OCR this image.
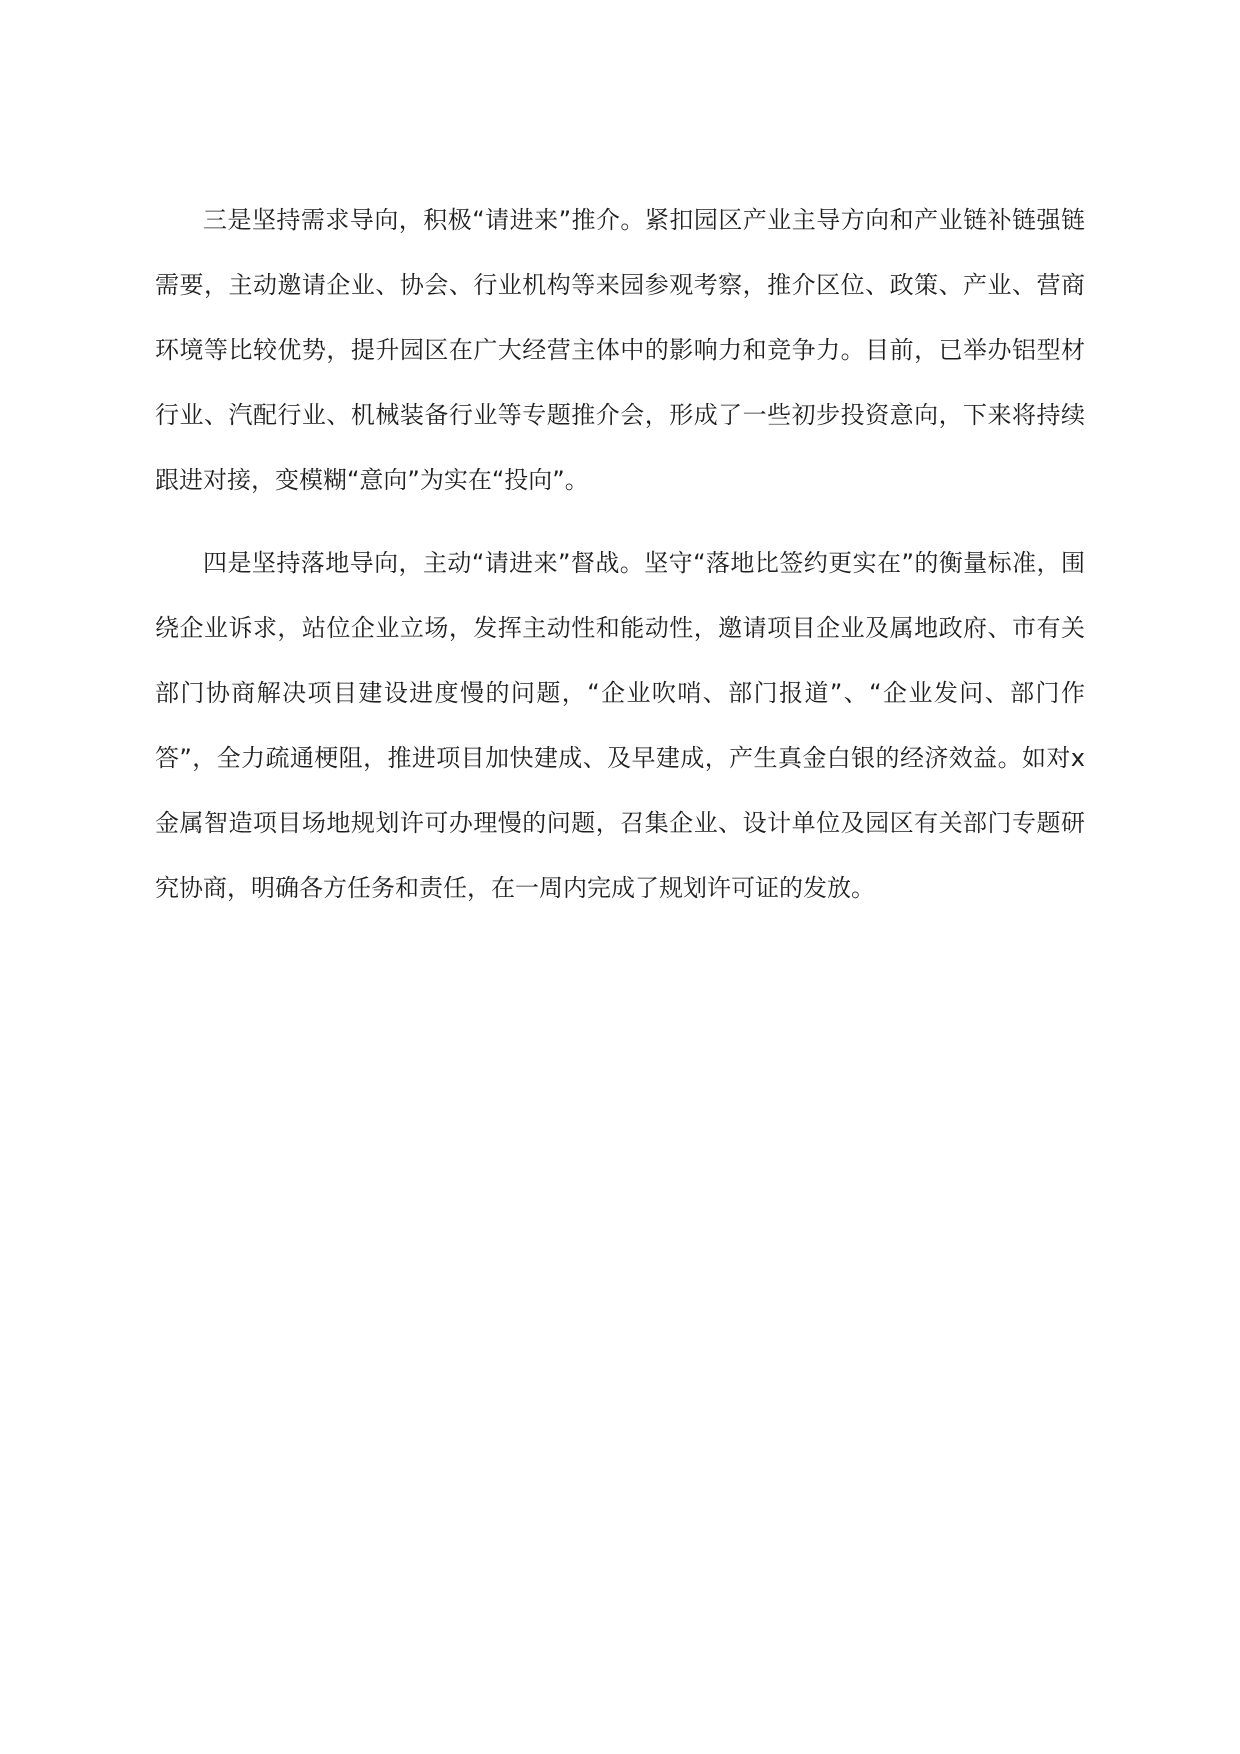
三是坚持需求导向，积极“请进来”推介。紧扣园区产业主导方向和产业链补链强链需要，主动邀请企业、协会、行业机构等来园参观考察，推介区位、政策、产业、营商环境等比较优势，提升园区在广大经营主体中的影响力和竞争力。目前，已举办铝型材行业、汽配行业、机械装备行业等专题推介会，形成了一些初步投资意向，下来将持续跟进对接，变模糊“意向”为实在“投向”。

四是坚持落地导向，主动“请进来”督战。坚守“落地比签约更实在”的衡量标准，围绕企业诉求，站位企业立场，发挥主动性和能动性，邀请项目企业及属地政府、市有关部门协商解决项目建设进度慢的问题，“企业吹哨、部门报道”、“企业发问、部门作答”，全力疏通梗阻，推进项目加快建成、及早建成，产生真金白银的经济效益。如对x金属智造项目场地规划许可办理慢的问题，召集企业、设计单位及园区有关部门专题研究协商，明确各方任务和责任，在一周内完成了规划许可证的发放。
